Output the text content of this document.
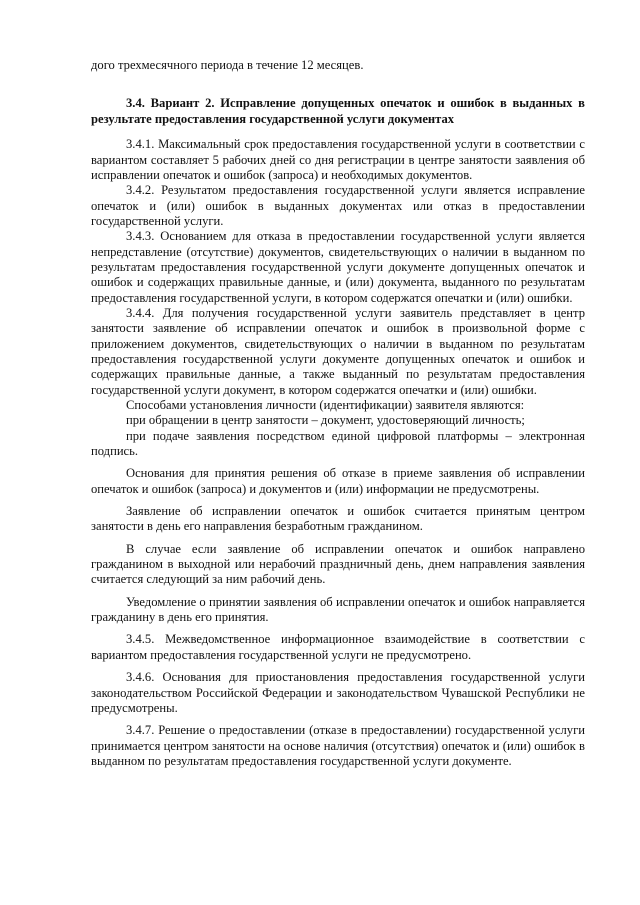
дого трехмесячного периода в течение 12 месяцев.

3.4. Вариант 2. Исправление допущенных опечаток и ошибок в выданных в результате предоставления государственной услуги документах

3.4.1. Максимальный срок предоставления государственной услуги в соответствии с вариантом составляет 5 рабочих дней со дня регистрации в центре занятости заявления об исправлении опечаток и ошибок (запроса) и необходимых документов.

3.4.2. Результатом предоставления государственной услуги является исправление опечаток и (или) ошибок в выданных документах или отказ в предоставлении государственной услуги.

3.4.3. Основанием для отказа в предоставлении государственной услуги является непредставление (отсутствие) документов, свидетельствующих о наличии в выданном по результатам предоставления государственной услуги документе допущенных опечаток и ошибок и содержащих правильные данные, и (или) документа, выданного по результатам предоставления государственной услуги, в котором содержатся опечатки и (или) ошибки.

3.4.4. Для получения государственной услуги заявитель представляет в центр занятости заявление об исправлении опечаток и ошибок в произвольной форме с приложением документов, свидетельствующих о наличии в выданном по результатам предоставления государственной услуги документе допущенных опечаток и ошибок и содержащих правильные данные, а также выданный по результатам предоставления государственной услуги документ, в котором содержатся опечатки и (или) ошибки.

Способами установления личности (идентификации) заявителя являются:

при обращении в центр занятости – документ, удостоверяющий личность;

при подаче заявления посредством единой цифровой платформы – электронная подпись.

Основания для принятия решения об отказе в приеме заявления об исправлении опечаток и ошибок (запроса) и документов и (или) информации не предусмотрены.

Заявление об исправлении опечаток и ошибок считается принятым центром занятости в день его направления безработным гражданином.

В случае если заявление об исправлении опечаток и ошибок направлено гражданином в выходной или нерабочий праздничный день, днем направления заявления считается следующий за ним рабочий день.

Уведомление о принятии заявления об исправлении опечаток и ошибок направляется гражданину в день его принятия.

3.4.5. Межведомственное информационное взаимодействие в соответствии с вариантом предоставления государственной услуги не предусмотрено.

3.4.6. Основания для приостановления предоставления государственной услуги законодательством Российской Федерации и законодательством Чувашской Республики не предусмотрены.

3.4.7. Решение о предоставлении (отказе в предоставлении) государственной услуги принимается центром занятости на основе наличия (отсутствия) опечаток и (или) ошибок в выданном по результатам предоставления государственной услуги документе.
